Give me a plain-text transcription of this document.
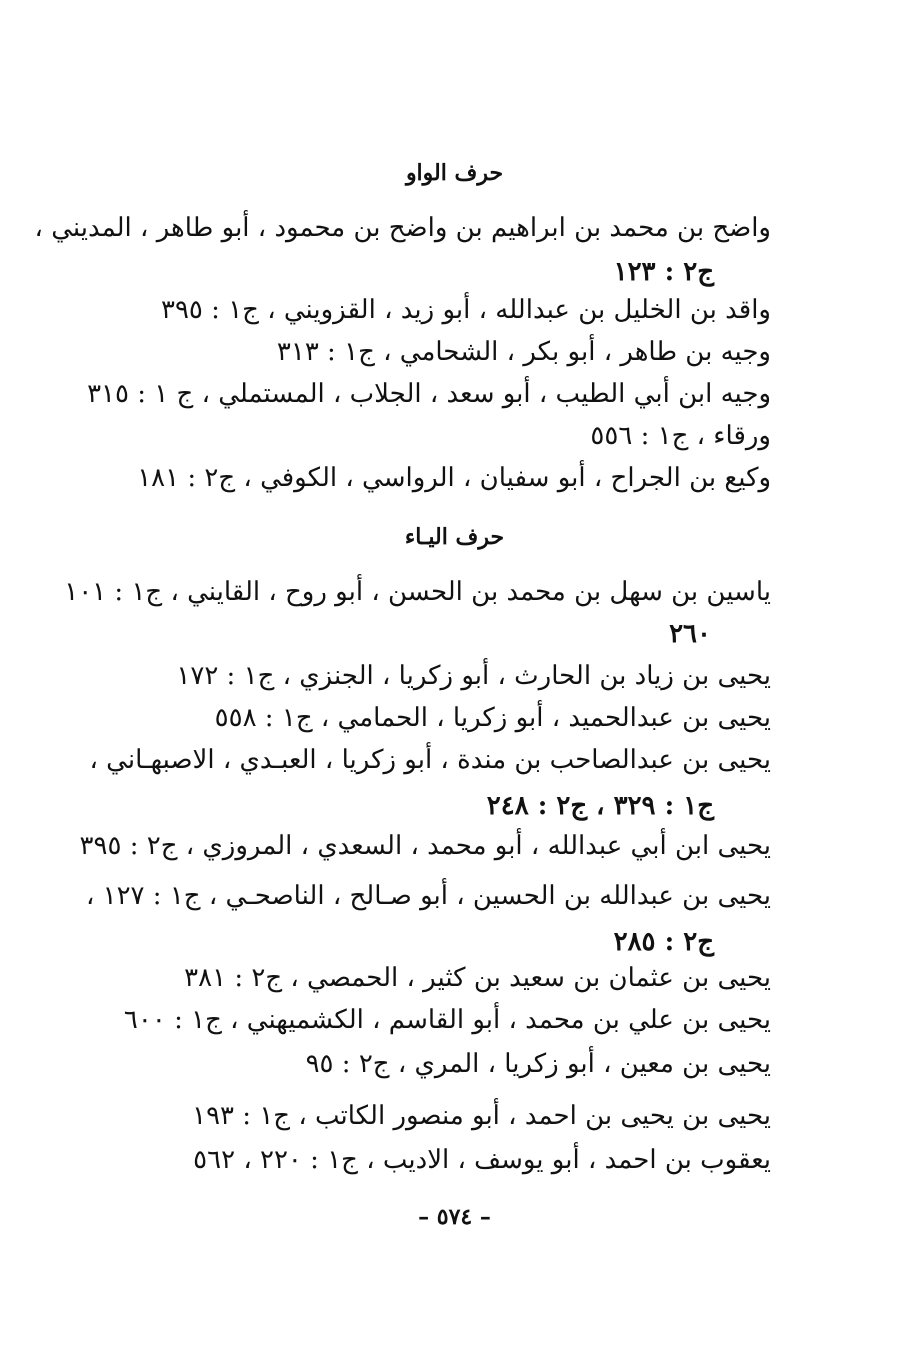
حرف الواو
واضح بن محمد بن ابراهيم بن واضح بن محمود ، أبو طاهر ، المديني ،
ج٢ : ١٢٣
واقد بن الخليل بن عبدالله ، أبو زيد ، القزويني ، ج١ : ٣٩٥
وجيه بن طاهر ، أبو بكر ، الشحامي ، ج١ : ٣١٣
وجيه ابن أبي الطيب ، أبو سعد ، الجلاب ، المستملي ، ج ١ : ٣١٥
ورقاء ، ج١ : ٥٥٦
وكيع بن الجراح ، أبو سفيان ، الرواسي ، الكوفي ، ج٢ : ١٨١
حرف اليـاء
ياسين بن سهل بن محمد بن الحسن ، أبو روح ، القايني ، ج١ : ١٠١
٢٦٠
يحيى بن زياد بن الحارث ، أبو زكريا ، الجنزي ، ج١ : ١٧٢
يحيى بن عبدالحميد ، أبو زكريا ، الحمامي ، ج١ : ٥٥٨
يحيى بن عبدالصاحب بن مندة ، أبو زكريا ، العبـدي ، الاصبهـاني ،
ج١ : ٣٢٩ ، ج٢ : ٢٤٨
يحيى ابن أبي عبدالله ، أبو محمد ، السعدي ، المروزي ، ج٢ : ٣٩٥
يحيى بن عبدالله بن الحسين ، أبو صـالح ، الناصحـي ، ج١ : ١٢٧ ،
ج٢ : ٢٨٥
يحيى بن عثمان بن سعيد بن كثير ، الحمصي ، ج٢ : ٣٨١
يحيى بن علي بن محمد ، أبو القاسم ، الكشميهني ، ج١ : ٦٠٠
يحيى بن معين ، أبو زكريا ، المري ، ج٢ : ٩٥
يحيى بن يحيى بن احمد ، أبو منصور الكاتب ، ج١ : ١٩٣
يعقوب بن احمد ، أبو يوسف ، الاديب ، ج١ : ٢٢٠ ، ٥٦٢
– ٥٧٤ –
